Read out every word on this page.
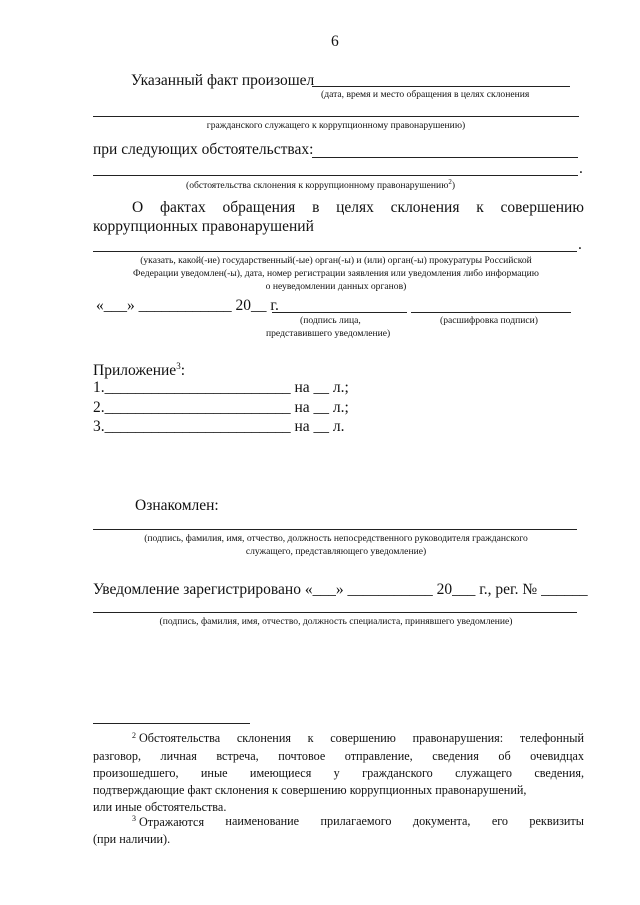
6
Указанный факт произошел
(дата, время и место обращения в целях склонения
гражданского служащего к коррупционному правонарушению)
при следующих обстоятельствах:
.
(обстоятельства склонения к коррупционному правонарушению$^2$)
О фактах обращения в целях склонения к совершению
коррупционных правонарушений
.
(указать, какой(-ие) государственный(-ые) орган(-ы) и (или) орган(-ы) прокуратуры Российской
Федерации уведомлен(-ы), дата, номер регистрации заявления или уведомления либо информацию
о неуведомлении данных органов)
«___» ____________ 20__ г.
(подпись лица,
представившего уведомление)
(расшифровка подписи)
Приложение$^3$:
1.________________________ на __ л.;
2.________________________ на __ л.;
3.________________________ на __ л.
Ознакомлен:
(подпись, фамилия, имя, отчество, должность непосредственного руководителя гражданского
служащего, представляющего уведомление)
Уведомление зарегистрировано «___» ___________ 20___ г., рег. № ______
(подпись, фамилия, имя, отчество, должность специалиста, принявшего уведомление)
$^2$ Обстоятельства склонения к совершению правонарушения: телефонный
разговор, личная встреча, почтовое отправление, сведения об очевидцах
произошедшего, иные имеющиеся у гражданского служащего сведения,
подтверждающие факт склонения к совершению коррупционных правонарушений,
или иные обстоятельства.
$^3$ Отражаются наименование прилагаемого документа, его реквизиты
(при наличии).
